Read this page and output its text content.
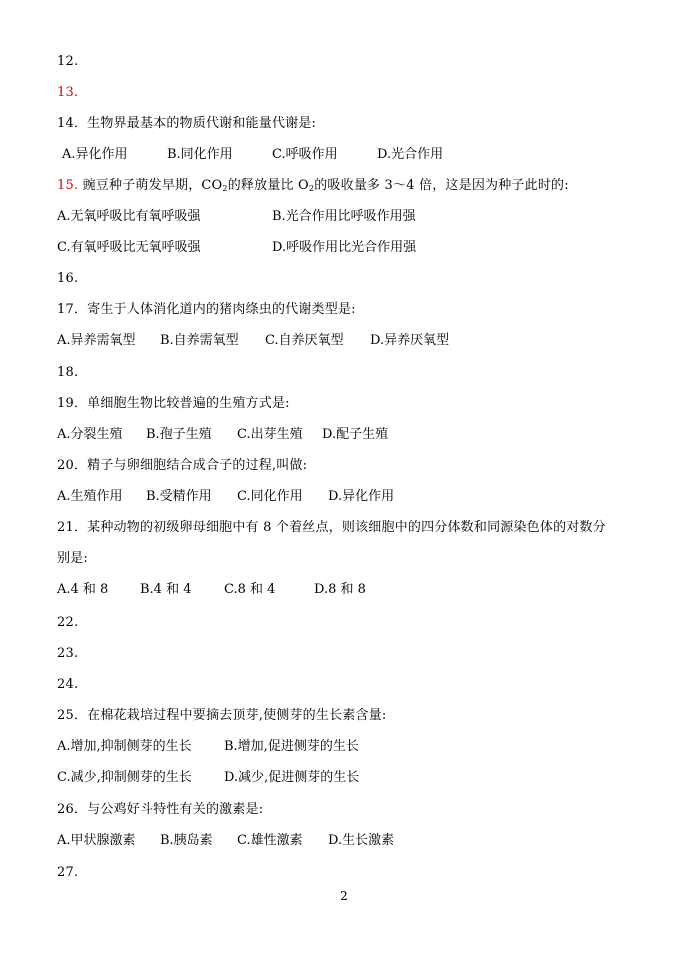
12.
13.
14．生物界最基本的物质代谢和能量代谢是:
A.异化作用	B.同化作用	C.呼吸作用	D.光合作用
15. 豌豆种子萌发早期，$CO_2$的释放量比 $O_2$的吸收量多 3～4 倍，这是因为种子此时的:
A.无氧呼吸比有氧呼吸强	B.光合作用比呼吸作用强
C.有氧呼吸比无氧呼吸强	D.呼吸作用比光合作用强
16.
17．寄生于人体消化道内的猪肉绦虫的代谢类型是:
A.异养需氧型 B.自养需氧型 C.自养厌氧型 D.异养厌氧型
18.
19．单细胞生物比较普遍的生殖方式是:
A.分裂生殖 B.孢子生殖 C.出芽生殖 D.配子生殖
20．精子与卵细胞结合成合子的过程,叫做:
A.生殖作用 B.受精作用 C.同化作用 D.异化作用
21．某种动物的初级卵母细胞中有 8 个着丝点，则该细胞中的四分体数和同源染色体的对数分
别是:
A.4 和 8 B.4 和 4	C.8 和 4	D.8 和 8
22.
23.
24.
25．在棉花栽培过程中要摘去顶芽,使侧芽的生长素含量:
A.增加,抑制侧芽的生长 B.增加,促进侧芽的生长
C.减少,抑制侧芽的生长 D.减少,促进侧芽的生长
26．与公鸡好斗特性有关的激素是:
A.甲状腺激素 B.胰岛素 C.雄性激素 D.生长激素
27.
2
